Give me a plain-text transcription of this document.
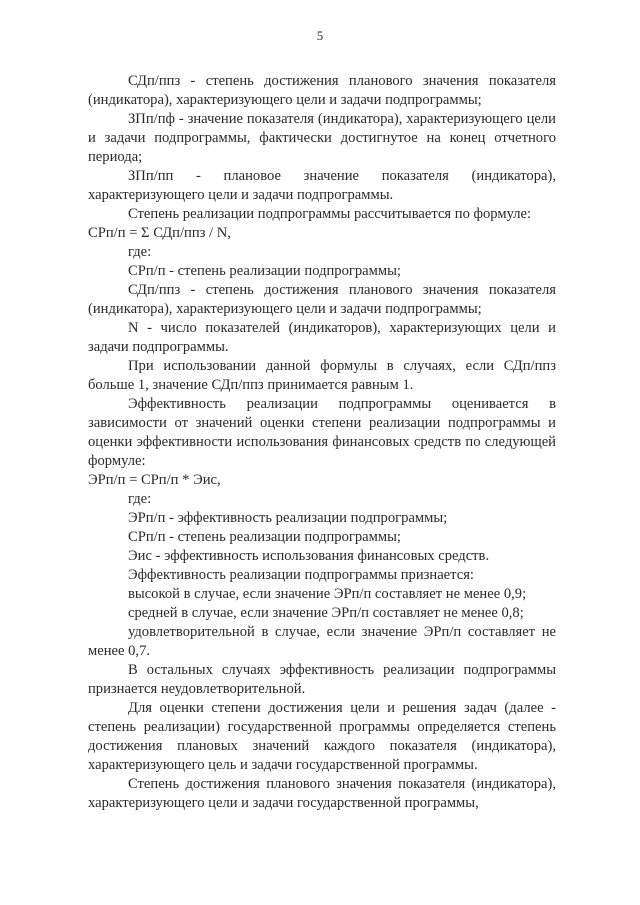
5

СДп/ппз - степень достижения планового значения показателя (индикатора), характеризующего цели и задачи подпрограммы;

ЗПп/пф - значение показателя (индикатора), характеризующего цели и задачи подпрограммы, фактически достигнутое на конец отчетного периода;

ЗПп/пп - плановое значение показателя (индикатора), характеризующего цели и задачи подпрограммы.

Степень реализации подпрограммы рассчитывается по формуле:

СРп/п = Σ СДп/ппз / N,

где:

СРп/п - степень реализации подпрограммы;

СДп/ппз - степень достижения планового значения показателя (индикатора), характеризующего цели и задачи подпрограммы;

N - число показателей (индикаторов), характеризующих цели и задачи подпрограммы.

При использовании данной формулы в случаях, если СДп/ппз больше 1, значение СДп/ппз принимается равным 1.

Эффективность реализации подпрограммы оценивается в зависимости от значений оценки степени реализации подпрограммы и оценки эффективности использования финансовых средств по следующей формуле:

ЭРп/п = СРп/п * Эис,

где:

ЭРп/п - эффективность реализации подпрограммы;

СРп/п - степень реализации подпрограммы;

Эис - эффективность использования финансовых средств.

Эффективность реализации подпрограммы признается:

высокой в случае, если значение ЭРп/п составляет не менее 0,9;

средней в случае, если значение ЭРп/п составляет не менее 0,8;

удовлетворительной в случае, если значение ЭРп/п составляет не менее 0,7.

В остальных случаях эффективность реализации подпрограммы признается неудовлетворительной.

Для оценки степени достижения цели и решения задач (далее - степень реализации) государственной программы определяется степень достижения плановых значений каждого показателя (индикатора), характеризующего цель и задачи государственной программы.

Степень достижения планового значения показателя (индикатора), характеризующего цели и задачи государственной программы,
